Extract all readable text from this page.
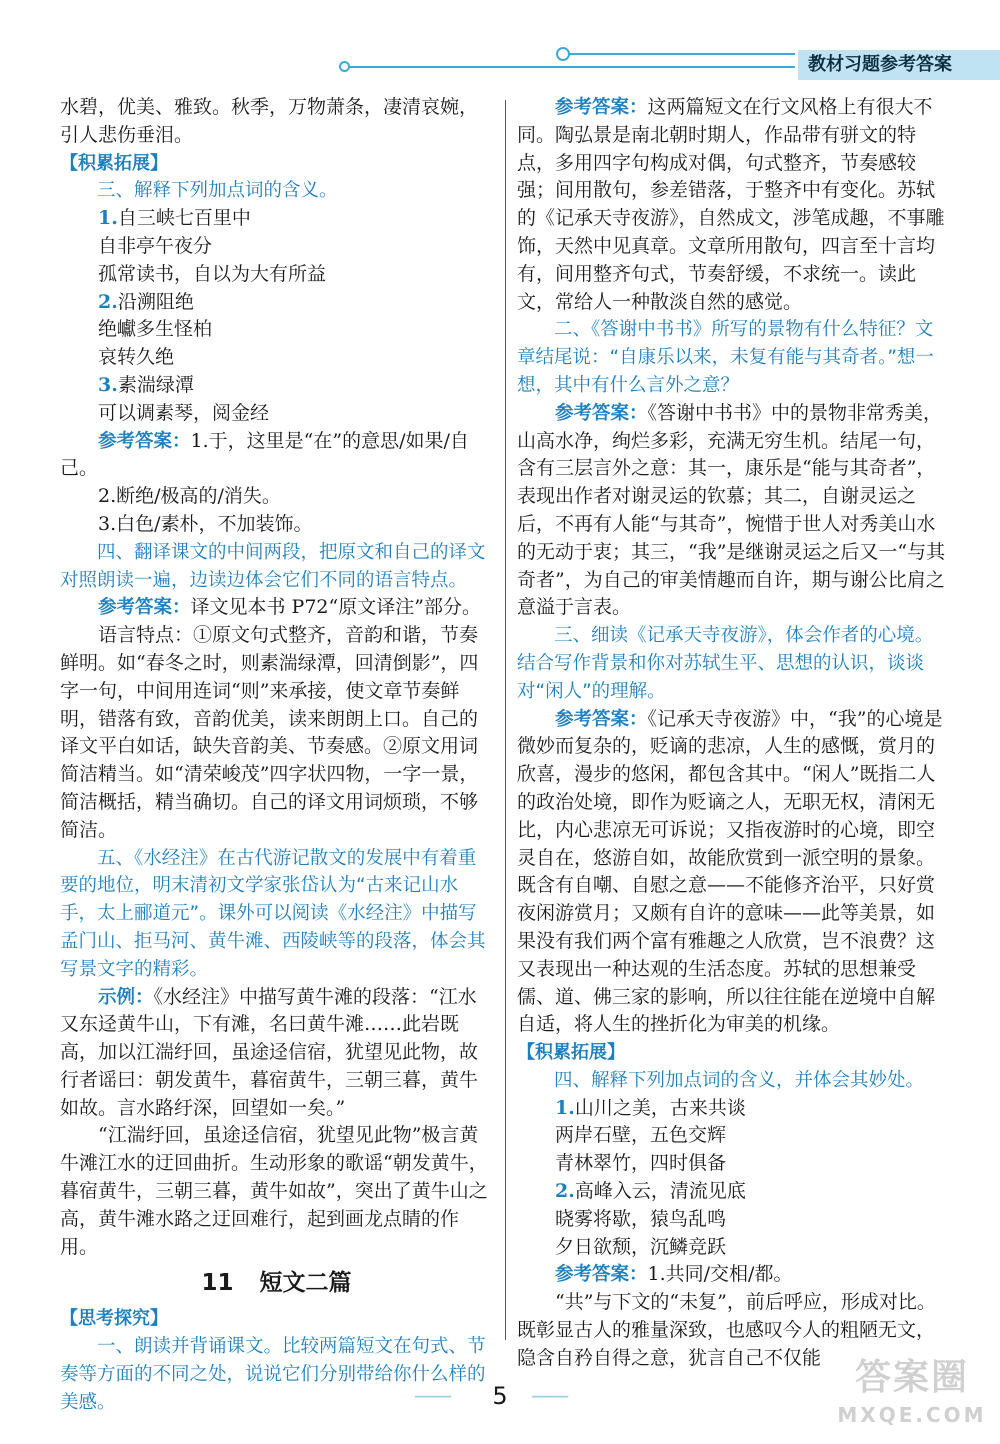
教材习题参考答案

水碧，优美、雅致。秋季，万物萧条，凄清哀婉，引人悲伤垂泪。

【积累拓展】

三、解释下列加点词的含义。

1.自三峡七百里中

自非亭午夜分

孤常读书，自以为大有所益

2.沿溯阻绝

绝巘多生怪柏

哀转久绝

3.素湍绿潭

可以调素琴，阅金经

参考答案：1.于，这里是“在”的意思/如果/自己。

2.断绝/极高的/消失。

3.白色/素朴，不加装饰。

四、翻译课文的中间两段，把原文和自己的译文对照朗读一遍，边读边体会它们不同的语言特点。

参考答案：译文见本书 P72“原文译注”部分。

语言特点：①原文句式整齐，音韵和谐，节奏鲜明。如“春冬之时，则素湍绿潭，回清倒影”，四字一句，中间用连词“则”来承接，使文章节奏鲜明，错落有致，音韵优美，读来朗朗上口。自己的译文平白如话，缺失音韵美、节奏感。②原文用词简洁精当。如“清荣峻茂”四字状四物，一字一景，简洁概括，精当确切。自己的译文用词烦琐，不够简洁。

五、《水经注》在古代游记散文的发展中有着重要的地位，明末清初文学家张岱认为“古来记山水手，太上郦道元”。课外可以阅读《水经注》中描写孟门山、拒马河、黄牛滩、西陵峡等的段落，体会其写景文字的精彩。

示例：《水经注》中描写黄牛滩的段落：“江水又东迳黄牛山，下有滩，名曰黄牛滩……此岩既高，加以江湍纡回，虽途迳信宿，犹望见此物，故行者谣曰：朝发黄牛，暮宿黄牛，三朝三暮，黄牛如故。言水路纡深，回望如一矣。”

“江湍纡回，虽途迳信宿，犹望见此物”极言黄牛滩江水的迂回曲折。生动形象的歌谣“朝发黄牛，暮宿黄牛，三朝三暮，黄牛如故”，突出了黄牛山之高，黄牛滩水路之迂回难行，起到画龙点睛的作用。

11 短文二篇

【思考探究】

一、朗读并背诵课文。比较两篇短文在句式、节奏等方面的不同之处，说说它们分别带给你什么样的美感。

参考答案：这两篇短文在行文风格上有很大不同。陶弘景是南北朝时期人，作品带有骈文的特点，多用四字句构成对偶，句式整齐，节奏感较强；间用散句，参差错落，于整齐中有变化。苏轼的《记承天寺夜游》，自然成文，涉笔成趣，不事雕饰，天然中见真章。文章所用散句，四言至十言均有，间用整齐句式，节奏舒缓，不求统一。读此文，常给人一种散淡自然的感觉。

二、《答谢中书书》所写的景物有什么特征？文章结尾说：“自康乐以来，未复有能与其奇者。”想一想，其中有什么言外之意？

参考答案：《答谢中书书》中的景物非常秀美，山高水净，绚烂多彩，充满无穷生机。结尾一句，含有三层言外之意：其一，康乐是“能与其奇者”，表现出作者对谢灵运的钦慕；其二，自谢灵运之后，不再有人能“与其奇”，惋惜于世人对秀美山水的无动于衷；其三，“我”是继谢灵运之后又一“与其奇者”，为自己的审美情趣而自许，期与谢公比肩之意溢于言表。

三、细读《记承天寺夜游》，体会作者的心境。结合写作背景和你对苏轼生平、思想的认识，谈谈对“闲人”的理解。

参考答案：《记承天寺夜游》中，“我”的心境是微妙而复杂的，贬谪的悲凉，人生的感慨，赏月的欣喜，漫步的悠闲，都包含其中。“闲人”既指二人的政治处境，即作为贬谪之人，无职无权，清闲无比，内心悲凉无可诉说；又指夜游时的心境，即空灵自在，悠游自如，故能欣赏到一派空明的景象。既含有自嘲、自慰之意——不能修齐治平，只好赏夜闲游赏月；又颇有自许的意味——此等美景，如果没有我们两个富有雅趣之人欣赏，岂不浪费？这又表现出一种达观的生活态度。苏轼的思想兼受儒、道、佛三家的影响，所以往往能在逆境中自解自适，将人生的挫折化为审美的机缘。

【积累拓展】

四、解释下列加点词的含义，并体会其妙处。

1.山川之美，古来共谈

两岸石壁，五色交辉

青林翠竹，四时俱备

2.高峰入云，清流见底

晓雾将歇，猿鸟乱鸣

夕日欲颓，沉鳞竞跃

参考答案：1.共同/交相/都。

“共”与下文的“未复”，前后呼应，形成对比。既彰显古人的雅量深致，也感叹今人的粗陋无文，隐含自矜自得之意，犹言自己不仅能

━━━━━━	5	━━━━━━	答案圈
MXQE.COM
